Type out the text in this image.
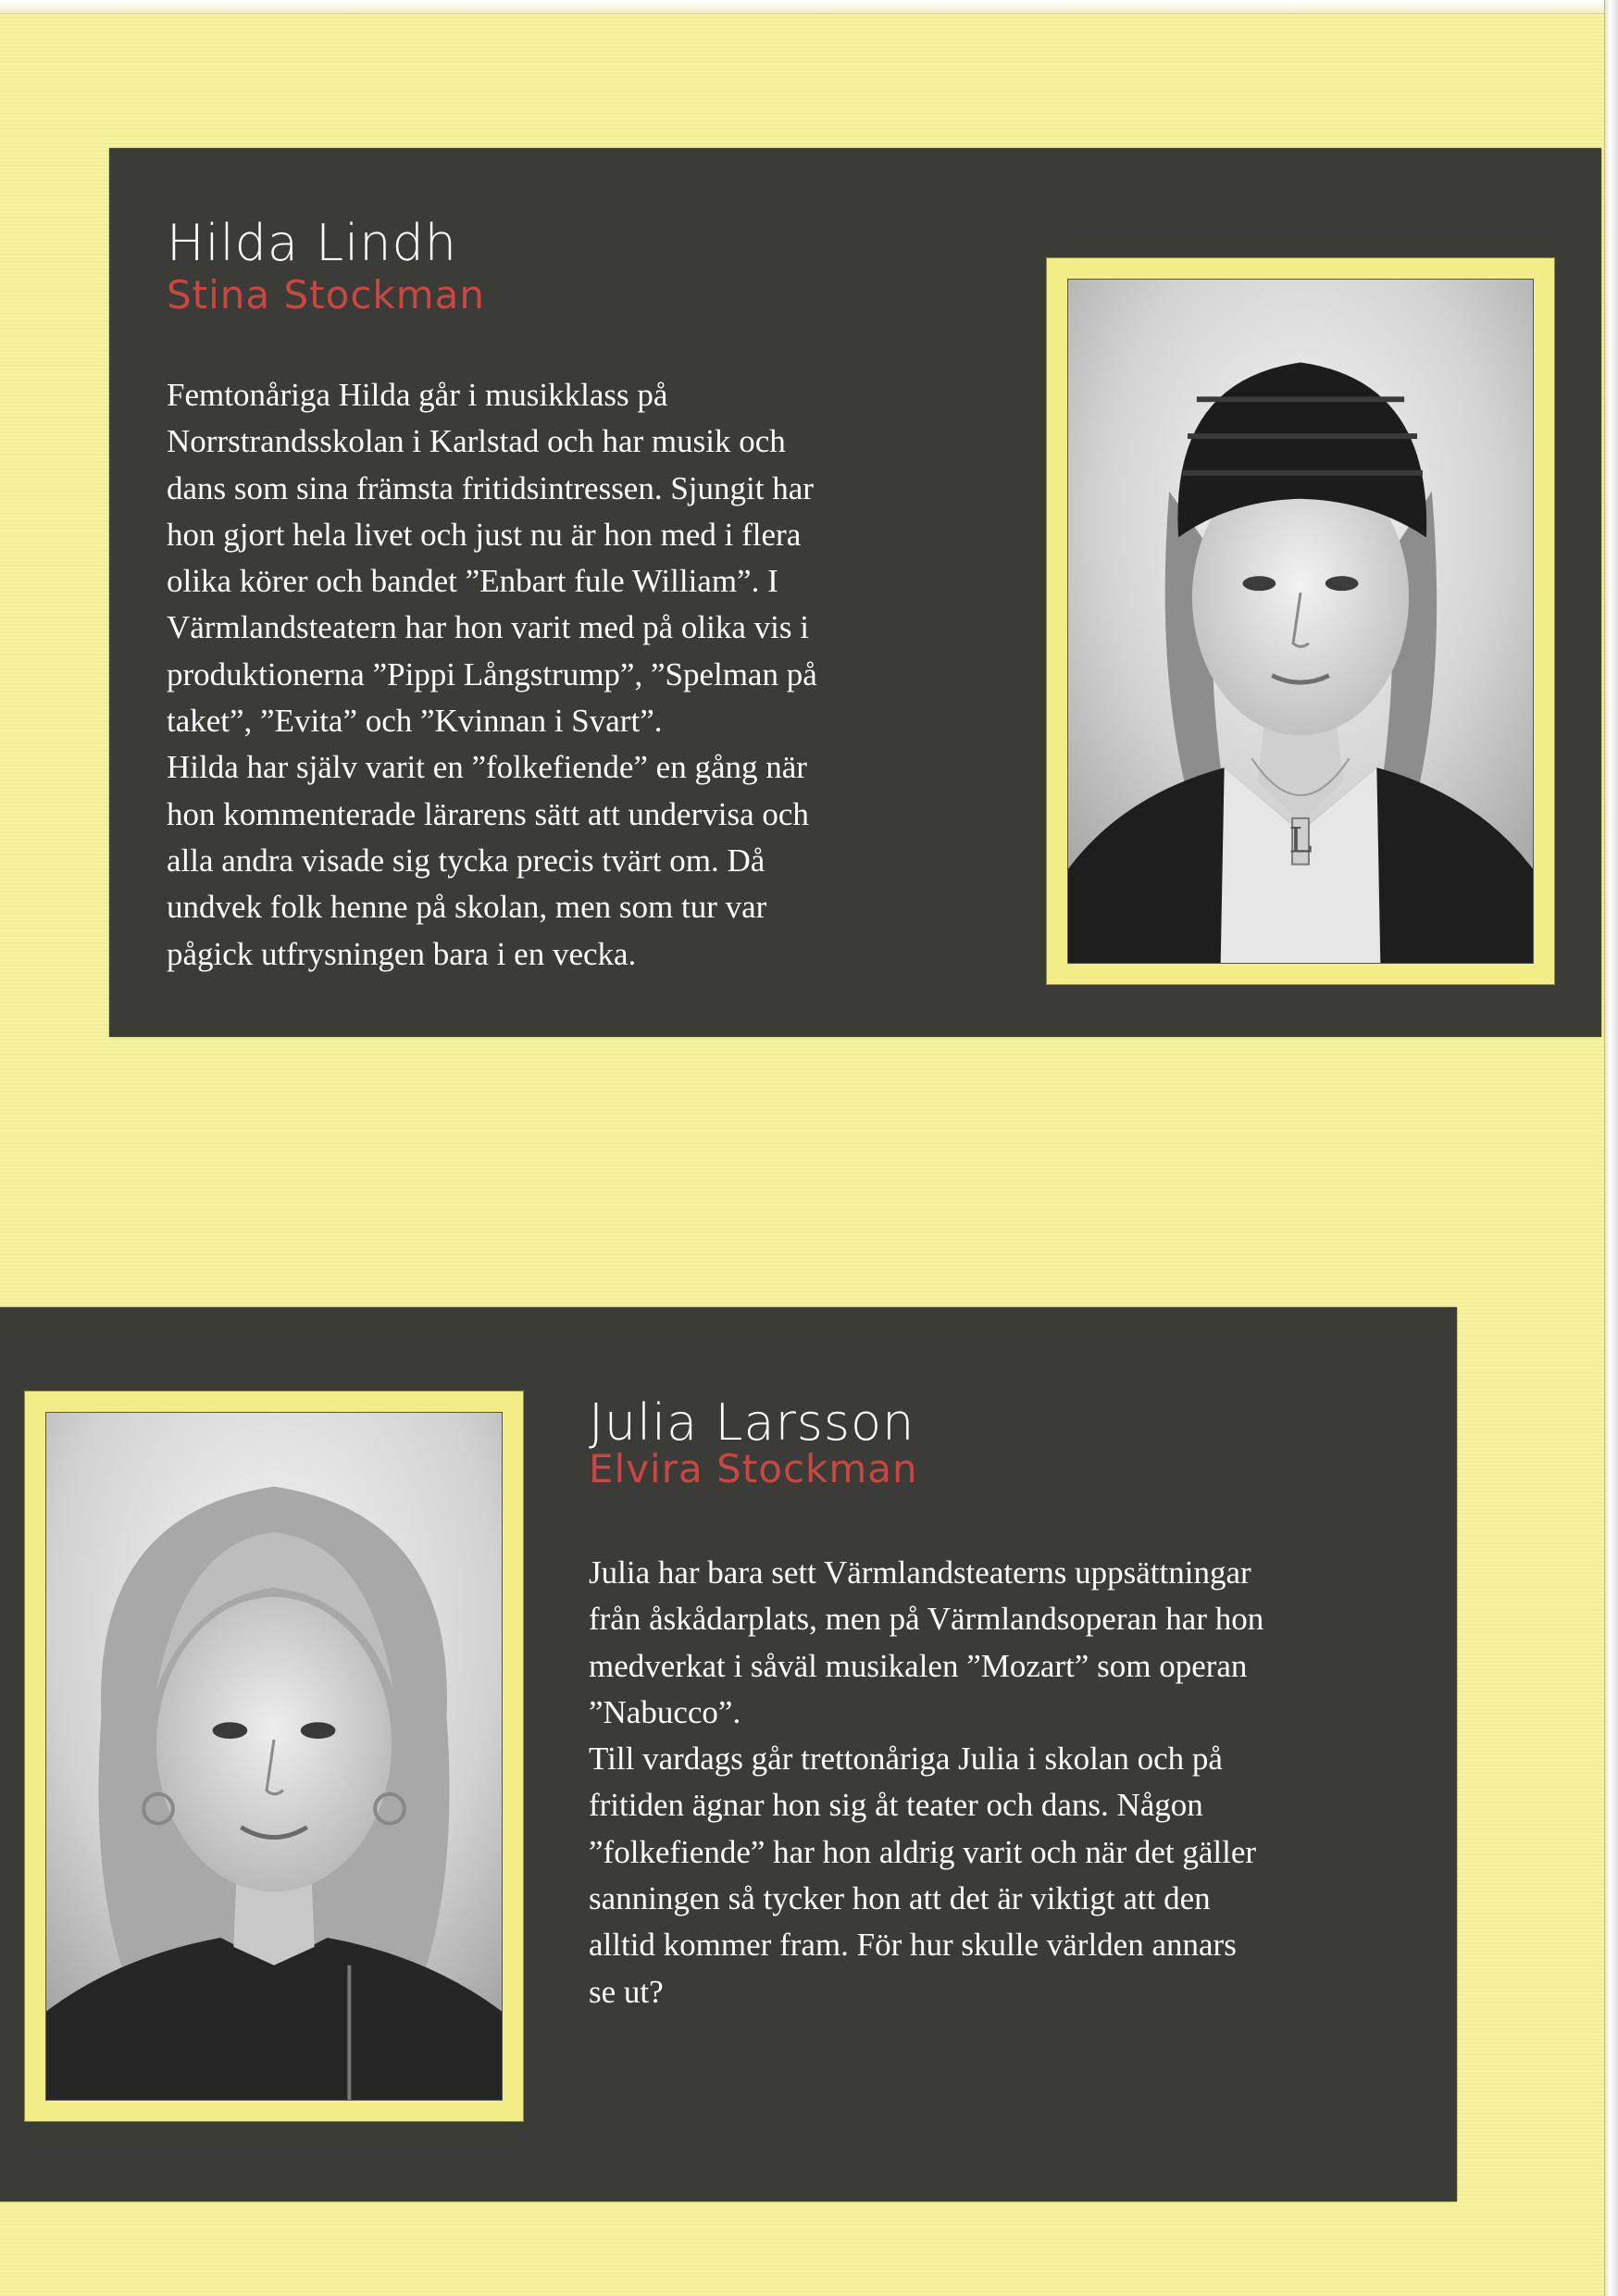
Hilda Lindh
Stina Stockman

Femtonåriga Hilda går i musikklass på
Norrstrandsskolan i Karlstad och har musik och
dans som sina främsta fritidsintressen. Sjungit har
hon gjort hela livet och just nu är hon med i flera
olika körer och bandet ”Enbart fule William”. I
Värmlandsteatern har hon varit med på olika vis i
produktionerna ”Pippi Långstrump”, ”Spelman på
taket”, ”Evita” och ”Kvinnan i Svart”.
Hilda har själv varit en ”folkefiende” en gång när
hon kommenterade lärarens sätt att undervisa och
alla andra visade sig tycka precis tvärt om. Då
undvek folk henne på skolan, men som tur var
pågick utfrysningen bara i en vecka.

L
Julia Larsson
Elvira Stockman

Julia har bara sett Värmlandsteaterns uppsättningar
från åskådarplats, men på Värmlandsoperan har hon
medverkat i såväl musikalen ”Mozart” som operan
”Nabucco”.
Till vardags går trettonåriga Julia i skolan och på
fritiden ägnar hon sig åt teater och dans. Någon
”folkefiende” har hon aldrig varit och när det gäller
sanningen så tycker hon att det är viktigt att den
alltid kommer fram. För hur skulle världen annars
se ut?
